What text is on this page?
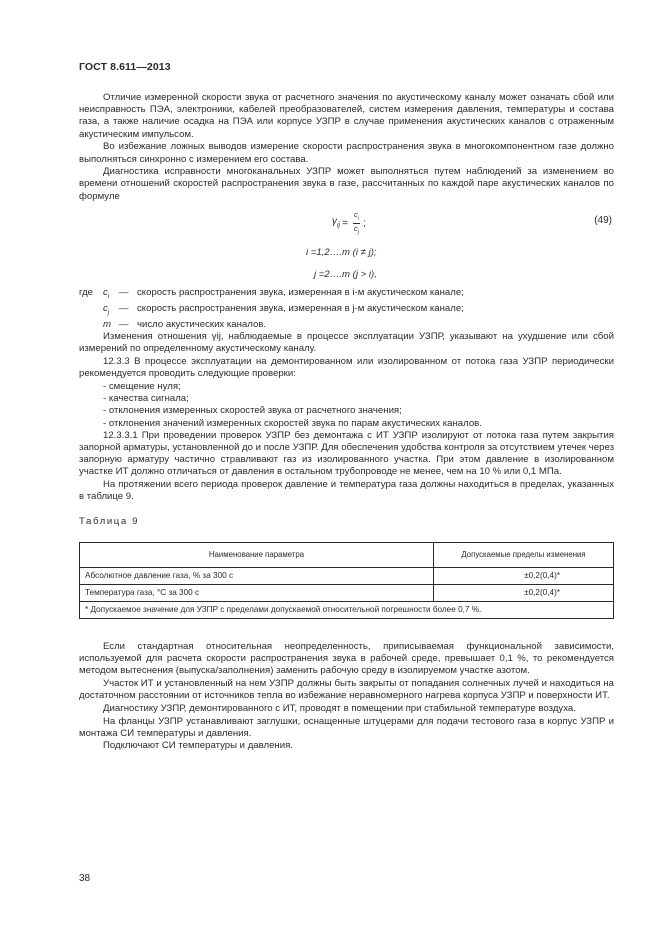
ГОСТ 8.611—2013

Отличие измеренной скорости звука от расчетного значения по акустическому каналу может означать сбой или неисправность ПЭА, электроники, кабелей преобразователей, систем измерения давления, температуры и состава газа, а также наличие осадка на ПЭА или корпусе УЗПР в случае применения акустических каналов с отраженным акустическим импульсом.

Во избежание ложных выводов измерение скорости распространения звука в многокомпонентном газе должно выполняться синхронно с измерением его состава.

Диагностика исправности многоканальных УЗПР может выполняться путем наблюдений за изменением во времени отношений скоростей распространения звука в газе, рассчитанных по каждой паре акустических каналов по формуле

$\gamma_{ij} = \frac{c_i}{c_j}$ ;	(49)

i =1,2….m (i ≠ j);

j =2….m (j > i),

где	$c_i$	— скорость распространения звука, измеренная в i-м акустическом канале;
$c_j$	— скорость распространения звука, измеренная в j-м акустическом канале;
m — число акустических каналов.

Изменения отношения γij, наблюдаемые в процессе эксплуатации УЗПР, указывают на ухудшение или сбой измерений по определенному акустическому каналу.

12.3.3 В процессе эксплуатации на демонтированном или изолированном от потока газа УЗПР периодически рекомендуется проводить следующие проверки:

- смещение нуля;

- качества сигнала;

- отклонения измеренных скоростей звука от расчетного значения;

- отклонения значений измеренных скоростей звука по парам акустических каналов.

12.3.3.1 При проведении проверок УЗПР без демонтажа с ИТ УЗПР изолируют от потока газа путем закрытия запорной арматуры, установленной до и после УЗПР. Для обеспечения удобства контроля за отсутствием утечек через запорную арматуру частично стравливают газ из изолированного участка. При этом давление в изолированном участке ИТ должно отличаться от давления в остальном трубопроводе не менее, чем на 10 % или 0,1 МПа.

На протяжении всего периода проверок давление и температура газа должны находиться в пределах, указанных в таблице 9.

Таблица 9
Наименование параметра	Допускаемые пределы изменения
Абсолютное давление газа, % за 300 с	±0,2(0,4)*
Температура газа, °С за 300 с	±0,2(0,4)*
* Допускаемое значение для УЗПР с пределами допускаемой относительной погрешности более 0,7 %.	

Если стандартная относительная неопределенность, приписываемая функциональной зависимости, используемой для расчета скорости распространения звука в рабочей среде, превышает 0,1 %, то рекомендуется методом вытеснения (выпуска/заполнения) заменить рабочую среду в изолируемом участке азотом.

Участок ИТ и установленный на нем УЗПР должны быть закрыты от попадания солнечных лучей и находиться на достаточном расстоянии от источников тепла во избежание неравномерного нагрева корпуса УЗПР и поверхности ИТ.

Диагностику УЗПР, демонтированного с ИТ, проводят в помещении при стабильной температуре воздуха.

На фланцы УЗПР устанавливают заглушки, оснащенные штуцерами для подачи тестового газа в корпус УЗПР и монтажа СИ температуры и давления.

Подключают СИ температуры и давления.

38
